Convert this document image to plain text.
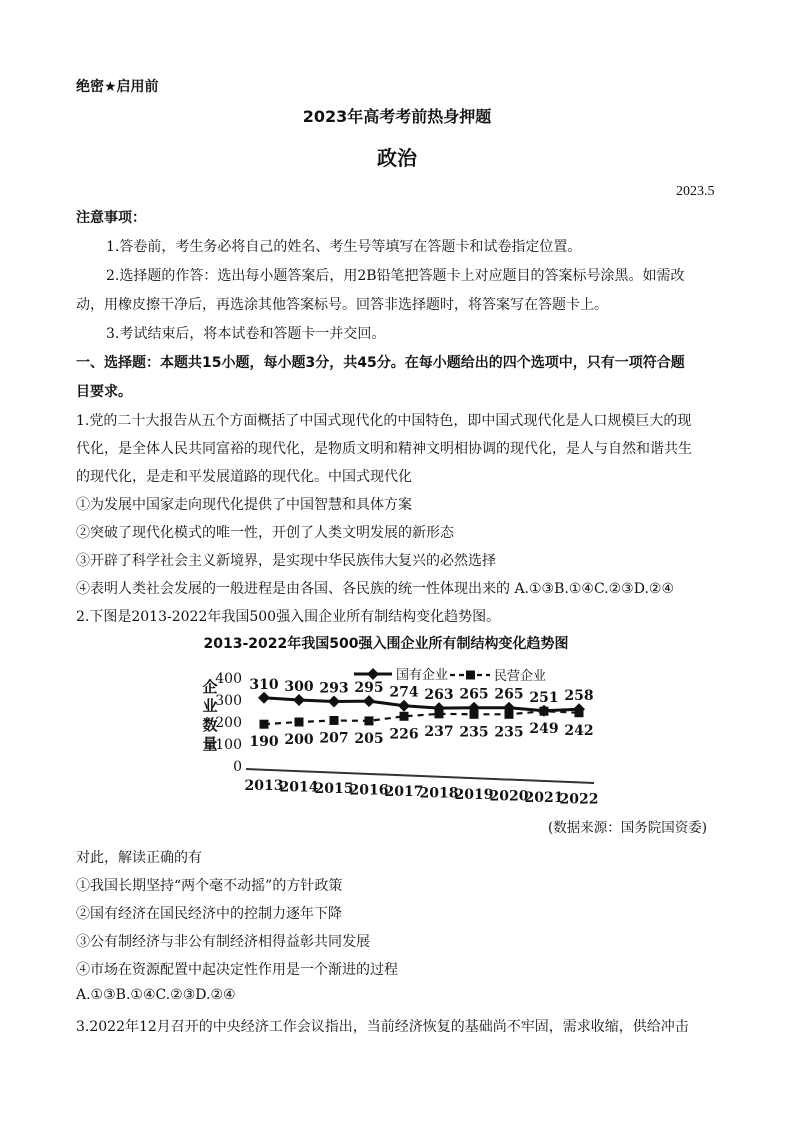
绝密★启用前
2023年高考考前热身押题
政治
2023.5
注意事项：
1.答卷前，考生务必将自己的姓名、考生号等填写在答题卡和试卷指定位置。
2.选择题的作答：选出每小题答案后，用2B铅笔把答题卡上对应题目的答案标号涂黑。如需改
动，用橡皮擦干净后，再选涂其他答案标号。回答非选择题时，将答案写在答题卡上。
3.考试结束后，将本试卷和答题卡一并交回。
一、选择题：本题共15小题，每小题3分，共45分。在每小题给出的四个选项中，只有一项符合题
目要求。
1.党的二十大报告从五个方面概括了中国式现代化的中国特色，即中国式现代化是人口规模巨大的现
代化，是全体人民共同富裕的现代化，是物质文明和精神文明相协调的现代化，是人与自然和谐共生
的现代化，是走和平发展道路的现代化。中国式现代化
①为发展中国家走向现代化提供了中国智慧和具体方案
②突破了现代化模式的唯一性，开创了人类文明发展的新形态
③开辟了科学社会主义新境界，是实现中华民族伟大复兴的必然选择
④表明人类社会发展的一般进程是由各国、各民族的统一性体现出来的 A.①③B.①④C.②③D.②④
2.下图是2013-2022年我国500强入围企业所有制结构变化趋势图。
2013-2022年我国500强入围企业所有制结构变化趋势图
企
业
数
量
0
100
200
300
400 310 300 293 295 274 263 265 265 251 258
190 200 207 205 226 237 235 235 249 242
国有企业	民营企业
2013
2014
2015
2016
2017
2018
2019
2020
2021
2022
(数据来源：国务院国资委)
对此，解读正确的有
①我国长期坚持“两个毫不动摇”的方针政策
②国有经济在国民经济中的控制力逐年下降
③公有制经济与非公有制经济相得益彰共同发展
④市场在资源配置中起决定性作用是一个渐进的过程
A.①③B.①④C.②③D.②④
3.2022年12月召开的中央经济工作会议指出，当前经济恢复的基础尚不牢固，需求收缩，供给冲击
